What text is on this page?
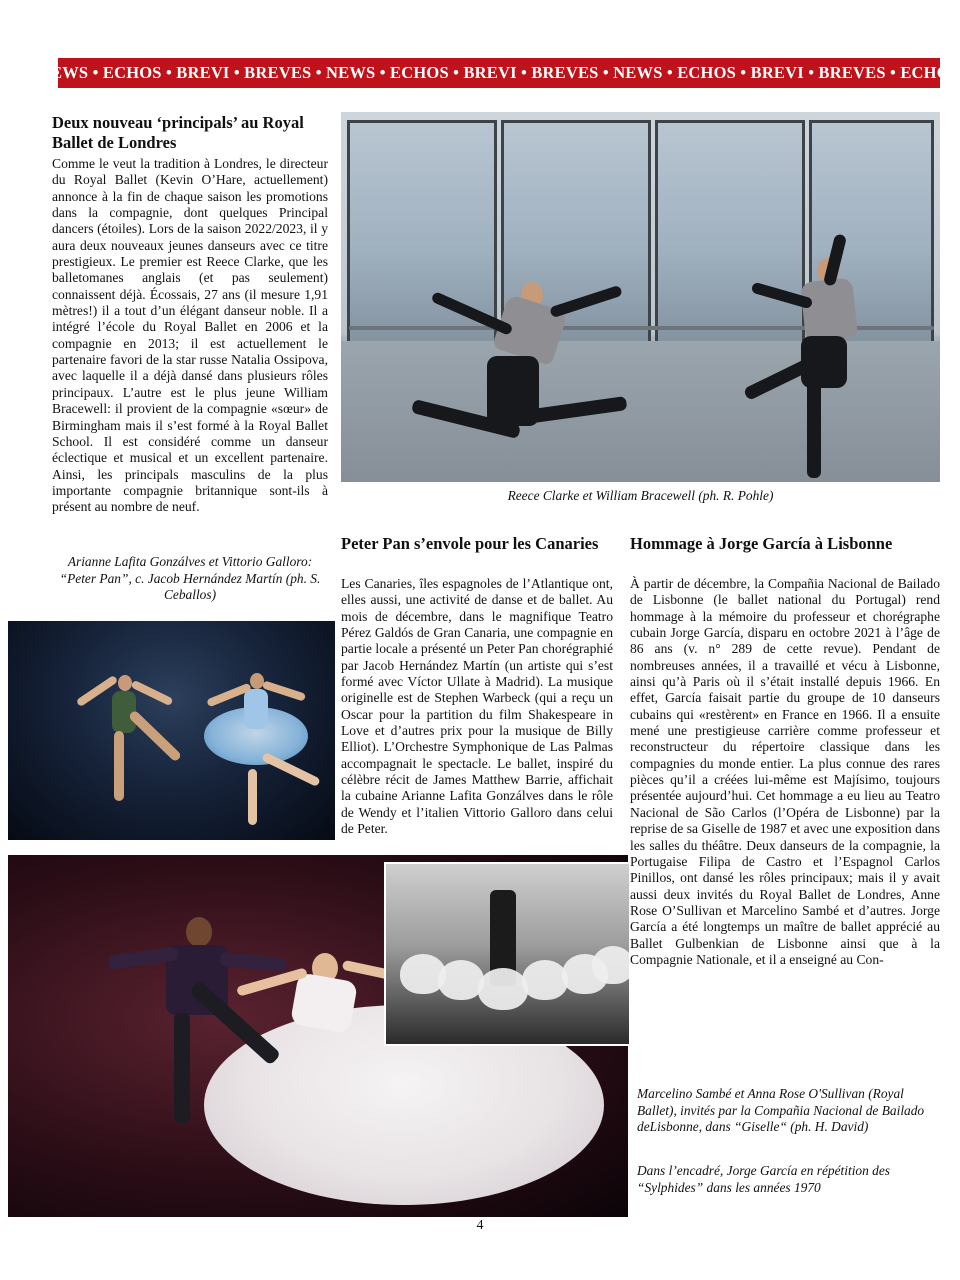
NEWS • ECHOS • BREVI • BREVES • NEWS • ECHOS • BREVI • BREVES • NEWS • ECHOS • BREVI • BREVES • ECHOS
Deux nouveau ‘principals’ au Royal Ballet de Londres
Comme le veut la tradition à Londres, le directeur du Royal Ballet (Kevin O’Hare, actuellement) annonce à la fin de chaque saison les promotions dans la compagnie, dont quelques Principal dancers (étoiles). Lors de la saison 2022/2023, il y aura deux nouveaux jeunes danseurs avec ce titre prestigieux. Le premier est Reece Clarke, que les balletomanes anglais (et pas seulement) connaissent déjà. Écossais, 27 ans (il mesure 1,91 mètres!) il a tout d’un élégant danseur noble. Il a intégré l’école du Royal Ballet en 2006 et la compagnie en 2013; il est actuellement le partenaire favori de la star russe Natalia Ossipova, avec laquelle il a déjà dansé dans plusieurs rôles principaux. L’autre est le plus jeune William Bracewell: il provient de la compagnie «sœur» de Birmingham mais il s’est formé à la Royal Ballet School. Il est considéré comme un danseur éclectique et musical et un excellent partenaire. Ainsi, les principals masculins de la plus importante compagnie britannique sont-ils à présent au nombre de neuf.
Reece Clarke et William Bracewell (ph. R. Pohle)
Arianne Lafita Gonzálves et Vittorio Galloro: “Peter Pan”, c. Jacob Hernández Martín (ph. S. Ceballos)
Peter Pan s’envole pour les Canaries
Les Canaries, îles espagnoles de l’Atlantique ont, elles aussi, une activité de danse et de ballet. Au mois de décembre, dans le magnifique Teatro Pérez Galdós de Gran Canaria, une compagnie en partie locale a présenté un Peter Pan chorégraphié par Jacob Hernández Martín (un artiste qui s’est formé avec Víctor Ullate à Madrid). La musique originelle est de Stephen Warbeck (qui a reçu un Oscar pour la partition du film Shakespeare in Love et d’autres prix pour la musique de Billy Elliot). L’Orchestre Symphonique de Las Palmas accompagnait le spectacle. Le ballet, inspiré du célèbre récit de James Matthew Barrie, affichait la cubaine Arianne Lafita Gonzálves dans le rôle de Wendy et l’italien Vittorio Galloro dans celui de Peter.
Hommage à Jorge García à Lisbonne
À partir de décembre, la Compañia Nacional de Bailado de Lisbonne (le ballet national du Portugal) rend hommage à la mémoire du professeur et chorégraphe cubain Jorge García, disparu en octobre 2021 à l’âge de 86 ans (v. n° 289 de cette revue). Pendant de nombreuses années, il a travaillé et vécu à Lisbonne, ainsi qu’à Paris où il s’était installé depuis 1966. En effet, García faisait partie du groupe de 10 danseurs cubains qui «restèrent» en France en 1966. Il a ensuite mené une prestigieuse carrière comme professeur et reconstructeur du répertoire classique dans les compagnies du monde entier. La plus connue des rares pièces qu’il a créées lui-même est Majísimo, toujours présentée aujourd’hui. Cet hommage a eu lieu au Teatro Nacional de São Carlos (l’Opéra de Lisbonne) par la reprise de sa Giselle de 1987 et avec une exposition dans les salles du théâtre. Deux danseurs de la compagnie, la Portugaise Filipa de Castro et l’Espagnol Carlos Pinillos, ont dansé les rôles principaux; mais il y avait aussi deux invités du Royal Ballet de Londres, Anne Rose O’Sullivan et Marcelino Sambé et d’autres. Jorge García a été longtemps un maître de ballet apprécié au Ballet Gulbenkian de Lisbonne ainsi que à la Compagnie Nationale, et il a enseigné au Con-
Marcelino Sambé et Anna Rose O'Sullivan (Royal Ballet), invités par la Compañia Nacional de Bailado deLisbonne, dans “Giselle“ (ph. H. David)
Dans l’encadré, Jorge García en répétition des “Sylphides” dans les années 1970
4
